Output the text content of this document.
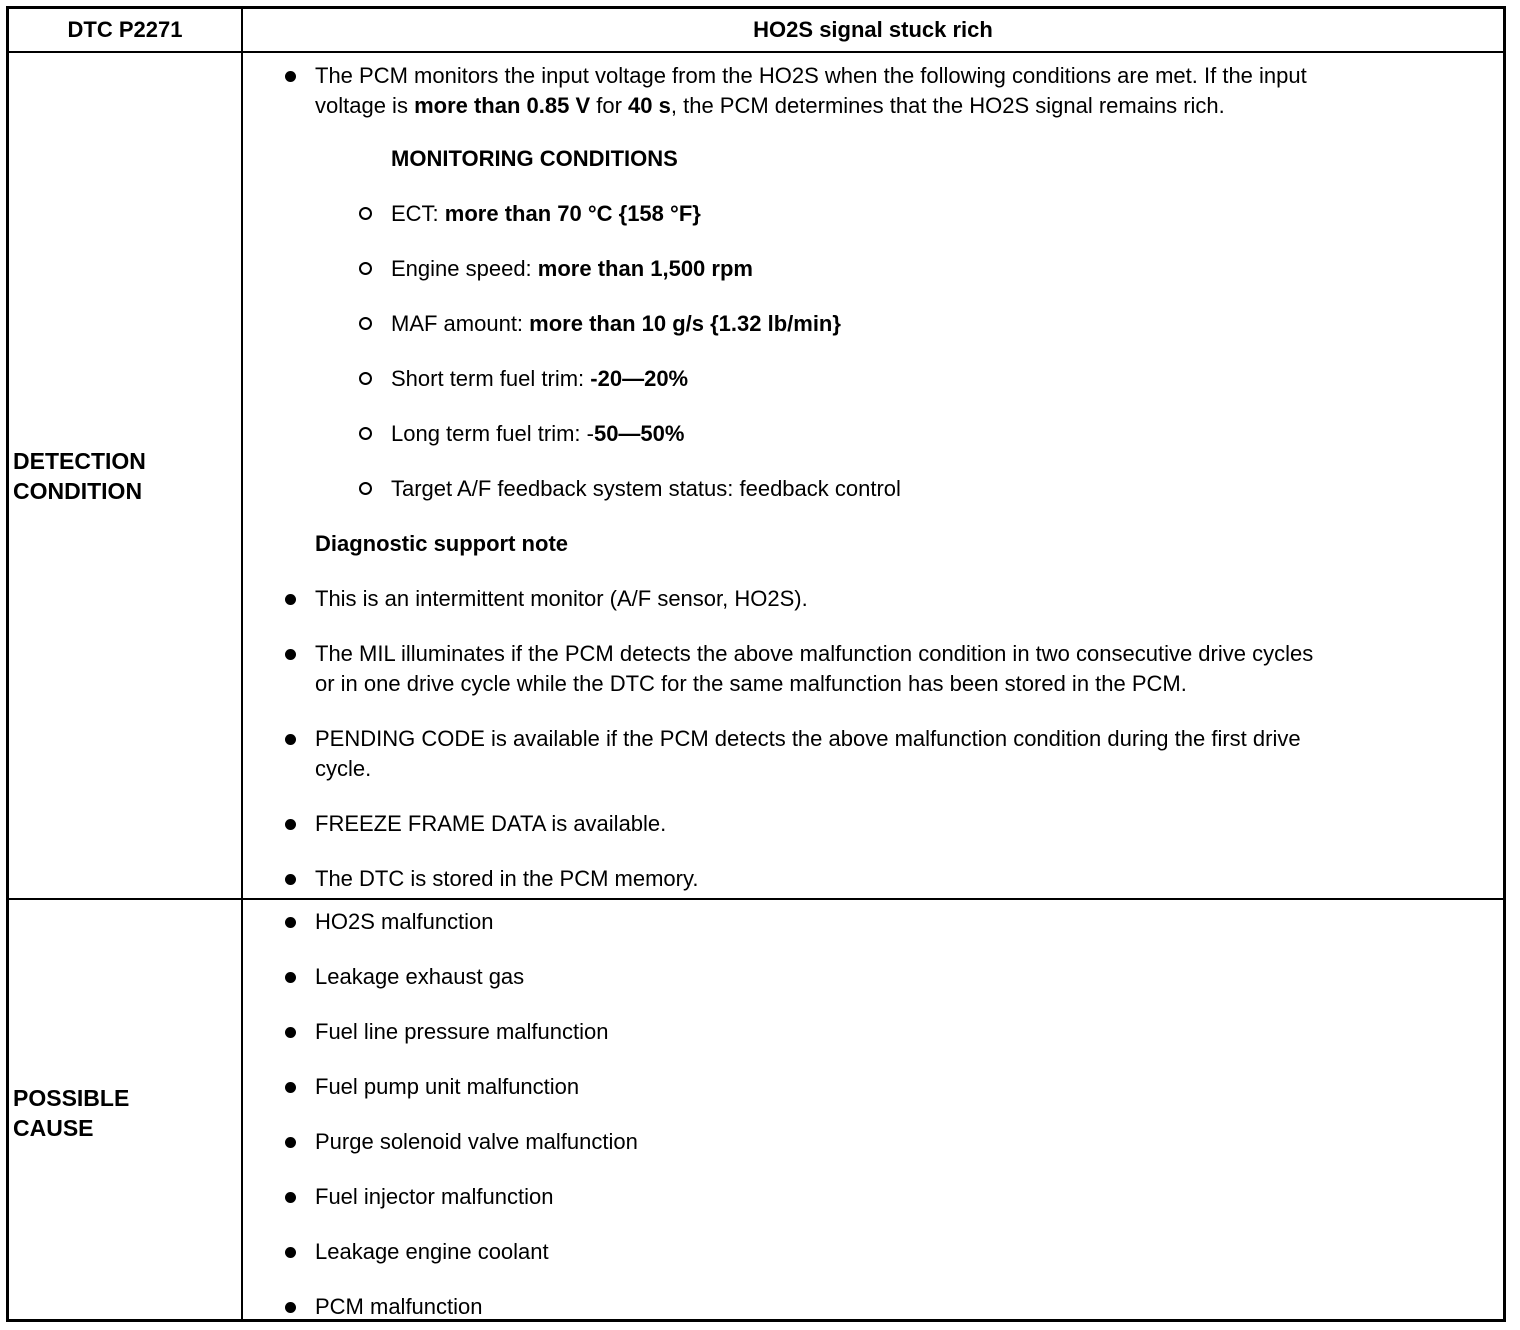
DTC P2271	HO2S signal stuck rich
DETECTION
CONDITION
The PCM monitors the input voltage from the HO2S when the following conditions are met. If the input
voltage is more than 0.85 V for 40 s, the PCM determines that the HO2S signal remains rich.
MONITORING CONDITIONS
ECT: more than 70 °C {158 °F}
Engine speed: more than 1,500 rpm
MAF amount: more than 10 g/s {1.32 lb/min}
Short term fuel trim: -20—20%
Long term fuel trim: -50—50%
Target A/F feedback system status: feedback control
Diagnostic support note
This is an intermittent monitor (A/F sensor, HO2S).
The MIL illuminates if the PCM detects the above malfunction condition in two consecutive drive cycles
or in one drive cycle while the DTC for the same malfunction has been stored in the PCM.
PENDING CODE is available if the PCM detects the above malfunction condition during the first drive
cycle.
FREEZE FRAME DATA is available.
The DTC is stored in the PCM memory.
POSSIBLE
CAUSE
HO2S malfunction
Leakage exhaust gas
Fuel line pressure malfunction
Fuel pump unit malfunction
Purge solenoid valve malfunction
Fuel injector malfunction
Leakage engine coolant
PCM malfunction
